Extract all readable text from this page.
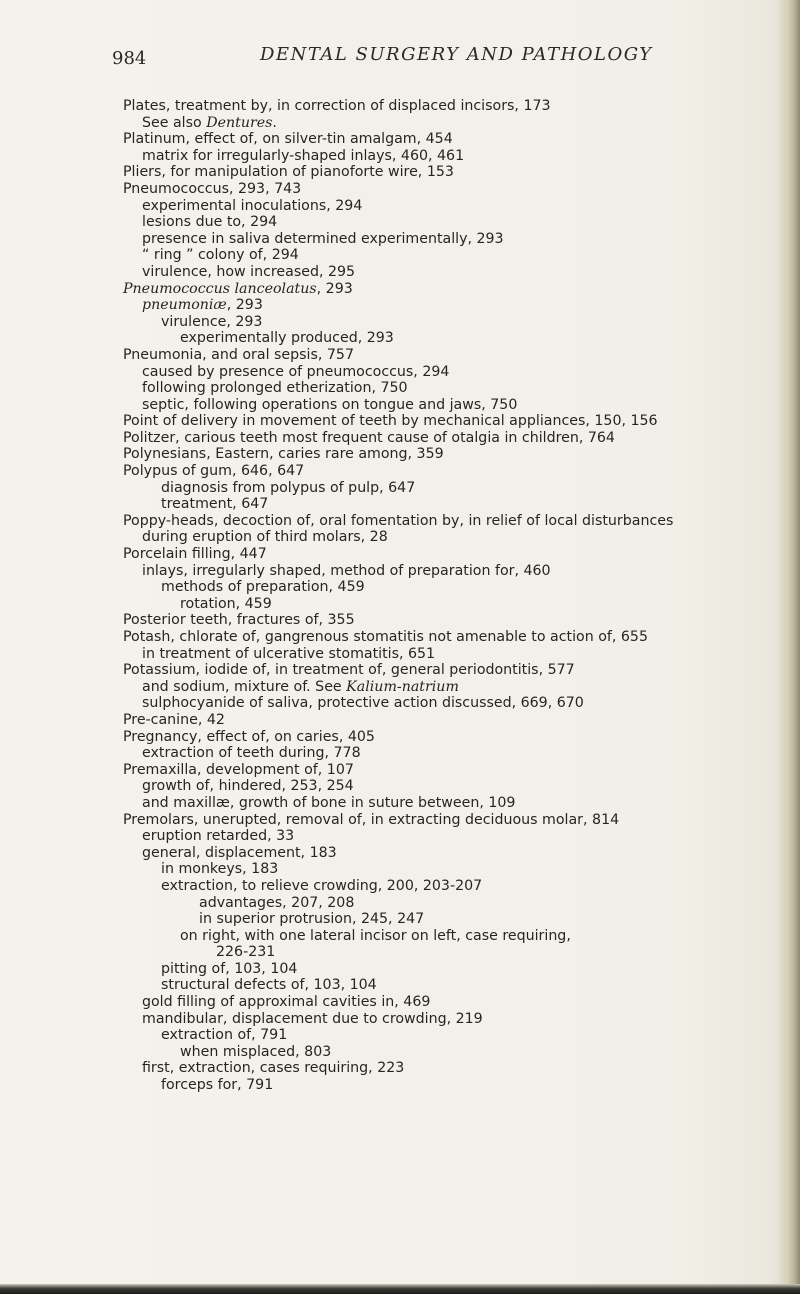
984	DENTAL SURGERY AND PATHOLOGY
Plates, treatment by, in correction of displaced incisors, 173
See also Dentures.
Platinum, effect of, on silver-tin amalgam, 454
matrix for irregularly-shaped inlays, 460, 461
Pliers, for manipulation of pianoforte wire, 153
Pneumococcus, 293, 743
experimental inoculations, 294
lesions due to, 294
presence in saliva determined experimentally, 293
“ ring ” colony of, 294
virulence, how increased, 295
Pneumococcus lanceolatus, 293
pneumoniæ, 293
virulence, 293
experimentally produced, 293
Pneumonia, and oral sepsis, 757
caused by presence of pneumococcus, 294
following prolonged etherization, 750
septic, following operations on tongue and jaws, 750
Point of delivery in movement of teeth by mechanical appliances, 150, 156
Politzer, carious teeth most frequent cause of otalgia in children, 764
Polynesians, Eastern, caries rare among, 359
Polypus of gum, 646, 647
diagnosis from polypus of pulp, 647
treatment, 647
Poppy-heads, decoction of, oral fomentation by, in relief of local disturbances
during eruption of third molars, 28
Porcelain filling, 447
inlays, irregularly shaped, method of preparation for, 460
methods of preparation, 459
rotation, 459
Posterior teeth, fractures of, 355
Potash, chlorate of, gangrenous stomatitis not amenable to action of, 655
in treatment of ulcerative stomatitis, 651
Potassium, iodide of, in treatment of, general periodontitis, 577
and sodium, mixture of. See Kalium-natrium
sulphocyanide of saliva, protective action discussed, 669, 670
Pre-canine, 42
Pregnancy, effect of, on caries, 405
extraction of teeth during, 778
Premaxilla, development of, 107
growth of, hindered, 253, 254
and maxillæ, growth of bone in suture between, 109
Premolars, unerupted, removal of, in extracting deciduous molar, 814
eruption retarded, 33
general, displacement, 183
in monkeys, 183
extraction, to relieve crowding, 200, 203-207
advantages, 207, 208
in superior protrusion, 245, 247
on right, with one lateral incisor on left, case requiring,
226-231
pitting of, 103, 104
structural defects of, 103, 104
gold filling of approximal cavities in, 469
mandibular, displacement due to crowding, 219
extraction of, 791
when misplaced, 803
first, extraction, cases requiring, 223
forceps for, 791
